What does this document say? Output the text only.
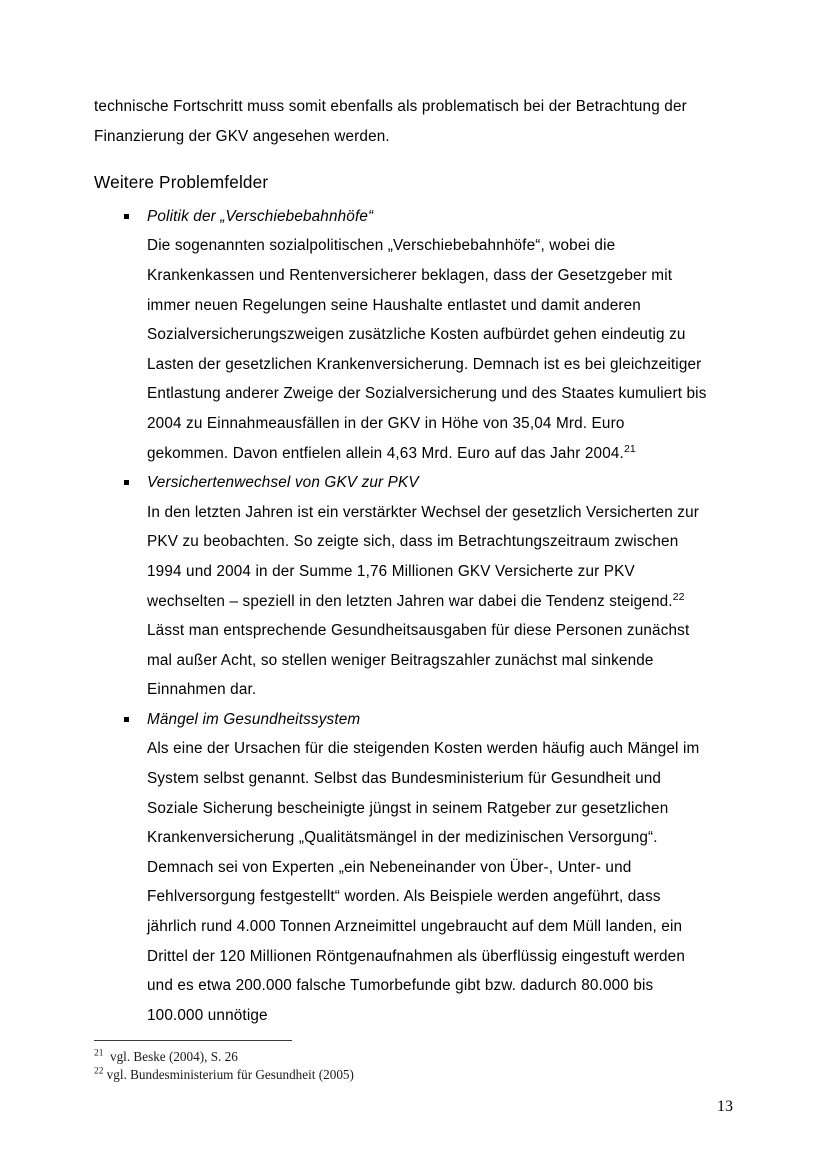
technische Fortschritt muss somit ebenfalls als problematisch bei der Betrachtung der Finanzierung der GKV angesehen werden.

Weitere Problemfelder
Politik der „Verschiebebahnhöfe“
Die sogenannten sozialpolitischen „Verschiebebahnhöfe“, wobei die Krankenkassen und Rentenversicherer beklagen, dass der Gesetzgeber mit immer neuen Regelungen seine Haushalte entlastet und damit anderen Sozialversicherungszweigen zusätzliche Kosten aufbürdet gehen eindeutig zu Lasten der gesetzlichen Krankenversicherung. Demnach ist es bei gleichzeitiger Entlastung anderer Zweige der Sozialversicherung und des Staates kumuliert bis 2004 zu Einnahmeausfällen in der GKV in Höhe von 35,04 Mrd. Euro gekommen. Davon entfielen allein 4,63 Mrd. Euro auf das Jahr 2004.21
Versichertenwechsel von GKV zur PKV
In den letzten Jahren ist ein verstärkter Wechsel der gesetzlich Versicherten zur PKV zu beobachten. So zeigte sich, dass im Betrachtungszeitraum zwischen 1994 und 2004 in der Summe 1,76 Millionen GKV Versicherte zur PKV wechselten – speziell in den letzten Jahren war dabei die Tendenz steigend.$^{22}$ Lässt man entsprechende Gesundheitsausgaben für diese Personen zunächst mal außer Acht, so stellen weniger Beitragszahler zunächst mal sinkende Einnahmen dar.
Mängel im Gesundheitssystem
Als eine der Ursachen für die steigenden Kosten werden häufig auch Mängel im System selbst genannt. Selbst das Bundesministerium für Gesundheit und Soziale Sicherung bescheinigte jüngst in seinem Ratgeber zur gesetzlichen Krankenversicherung „Qualitätsmängel in der medizinischen Versorgung“. Demnach sei von Experten „ein Nebeneinander von Über-, Unter- und Fehlversorgung festgestellt“ worden. Als Beispiele werden angeführt, dass jährlich rund 4.000 Tonnen Arzneimittel ungebraucht auf dem Müll landen, ein Drittel der 120 Millionen Röntgenaufnahmen als überflüssig eingestuft werden und es etwa 200.000 falsche Tumorbefunde gibt bzw. dadurch 80.000 bis 100.000 unnötige
$^{21}$  vgl. Beske (2004), S. 26
$^{22}$ vgl. Bundesministerium für Gesundheit (2005)
13
